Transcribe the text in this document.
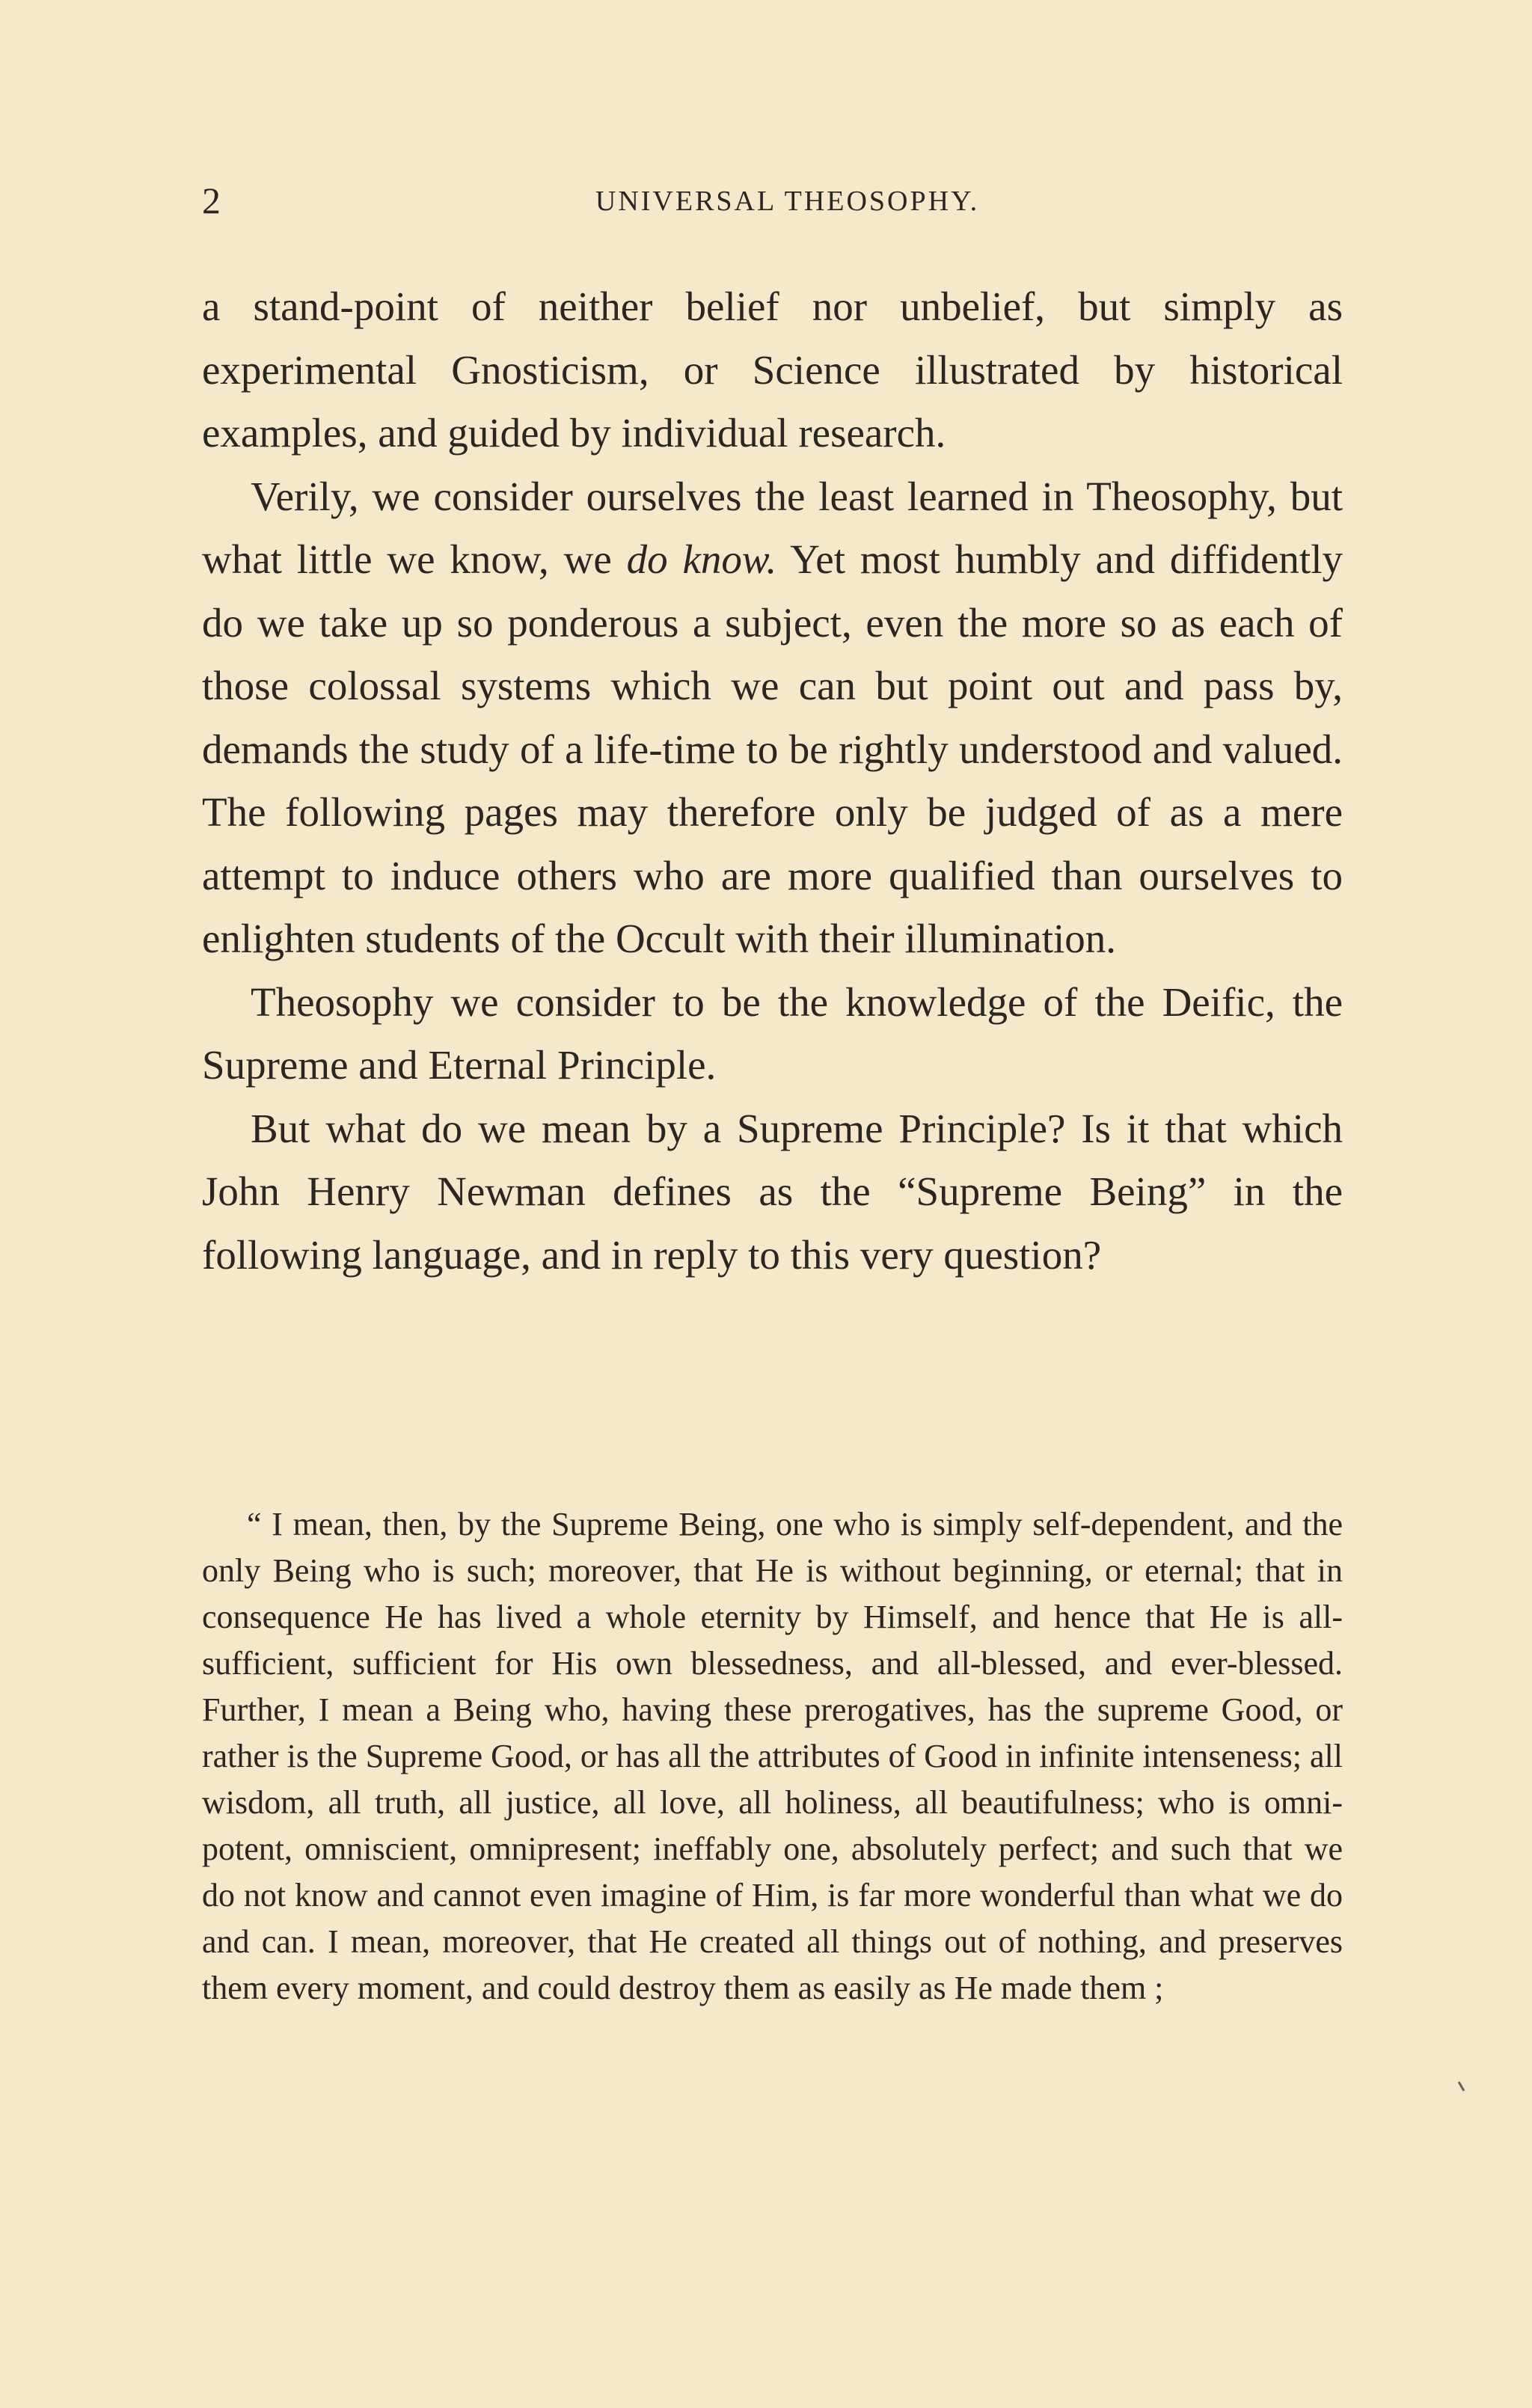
2	UNIVERSAL THEOSOPHY.

a stand-point of neither belief nor unbelief, but simply as experimental Gnosticism, or Science illustrated by historical examples, and guided by individual research.

Verily, we consider ourselves the least learned in Theosophy, but what little we know, we do know. Yet most humbly and diffidently do we take up so ponderous a subject, even the more so as each of those colossal systems which we can but point out and pass by, demands the study of a life-time to be rightly understood and valued. The following pages may therefore only be judged of as a mere attempt to induce others who are more qualified than ourselves to enlighten students of the Occult with their illumination.

Theosophy we consider to be the knowledge of the Deific, the Supreme and Eternal Principle.

But what do we mean by a Supreme Principle? Is it that which John Henry Newman defines as the “Supreme Being” in the following language, and in reply to this very question?

“ I mean, then, by the Supreme Being, one who is simply self-dependent, and the only Being who is such; moreover, that He is without beginning, or eternal; that in consequence He has lived a whole eternity by Himself, and hence that He is all-sufficient, sufficient for His own blessedness, and all-blessed, and ever-blessed. Further, I mean a Being who, having these prerogatives, has the supreme Good, or rather is the Supreme Good, or has all the attributes of Good in infinite intenseness; all wisdom, all truth, all justice, all love, all holiness, all beautifulness; who is omnipotent, omniscient, omnipresent; ineffably one, absolutely perfect; and such that we do not know and cannot even imagine of Him, is far more wonderful than what we do and can. I mean, moreover, that He created all things out of nothing, and preserves them every moment, and could destroy them as easily as He made them ;
